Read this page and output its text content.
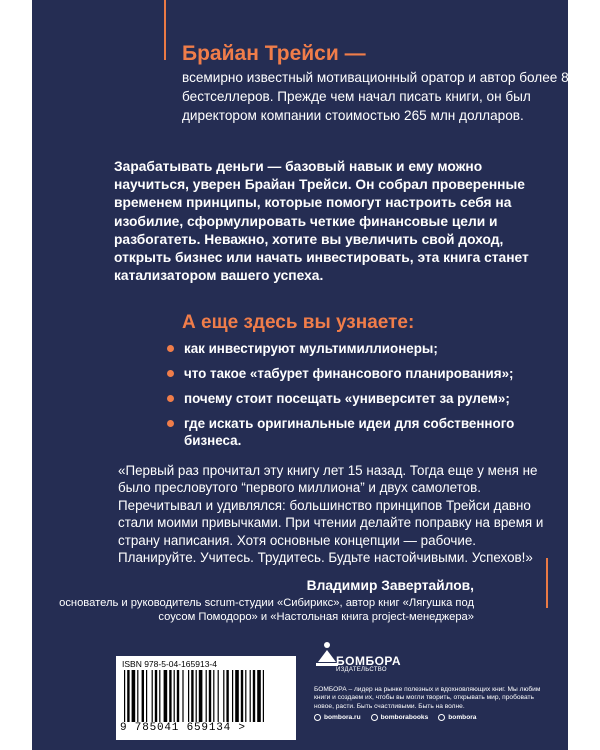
Брайан Трейси —

всемирно известный мотивационный оратор и автор более 80 бестселлеров. Прежде чем начал писать книги, он был директором компании стоимостью 265 млн долларов.

Зарабатывать деньги — базовый навык и ему можно научиться, уверен Брайан Трейси. Он собрал проверенные временем принципы, которые помогут настроить себя на изобилие, сформулировать четкие финансовые цели и разбогатеть. Неважно, хотите вы увеличить свой доход, открыть бизнес или начать инвестировать, эта книга станет катализатором вашего успеха.

А еще здесь вы узнаете:

как инвестируют мультимиллионеры;
что такое «табурет финансового планирования»;
почему стоит посещать «университет за рулем»;
где искать оригинальные идеи для собственного бизнеса.

«Первый раз прочитал эту книгу лет 15 назад. Тогда еще у меня не было пресловутого “первого миллиона” и двух самолетов. Перечитывал и удивлялся: большинство принципов Трейси давно стали моими привычками. При чтении делайте поправку на время и страну написания. Хотя основные концепции — рабочие. Планируйте. Учитесь. Трудитесь. Будьте настойчивыми. Успехов!»

Владимир Завертайлов,

основатель и руководитель scrum-студии «Сибирикс», автор книг «Лягушка под соусом Помодоро» и «Настольная книга project-менеджера»

ISBN 978-5-04-165913-4
9 785041 659134 >
БОМБОРА
ИЗДАТЕЛЬСТВО

БОМБОРА – лидер на рынке полезных и вдохновляющих книг. Мы любим книги и создаем их, чтобы вы могли творить, открывать мир, пробовать новое, расти. Быть счастливыми. Быть на волне.

bombora.ru	bomborabooks	bombora
